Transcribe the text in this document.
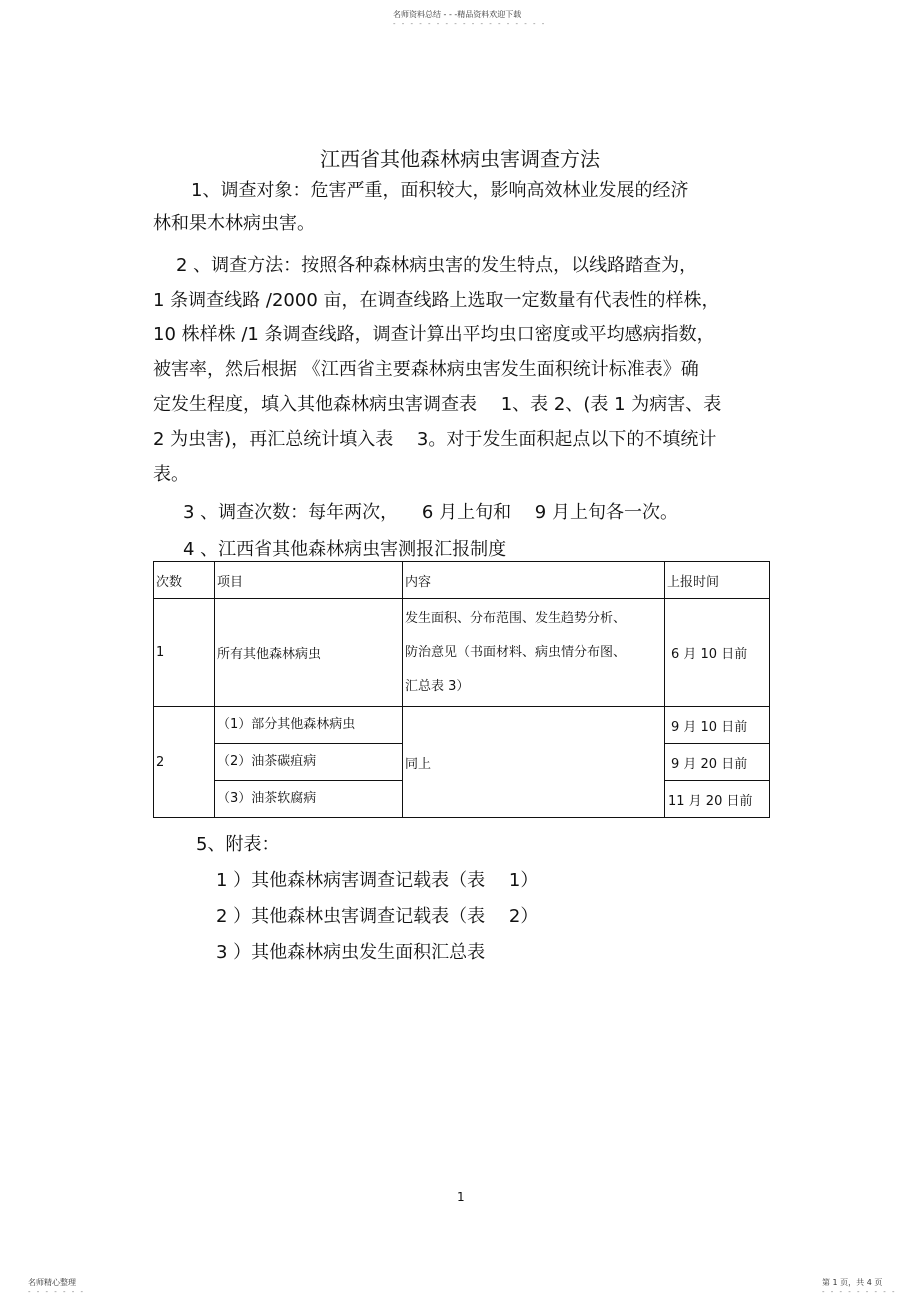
名师资料总结 - - -精品资料欢迎下载
- - - - - - - - - - - - - - - - - -
江西省其他森林病虫害调查方法
1、调查对象：危害严重，面积较大，影响高效林业发展的经济
林和果木林病虫害。
2 、调查方法：按照各种森林病虫害的发生特点，以线路踏查为，
1 条调查线路 /2000 亩，在调查线路上选取一定数量有代表性的样株，
10 株样株 /1 条调查线路，调查计算出平均虫口密度或平均感病指数，
被害率，然后根据 《江西省主要森林病虫害发生面积统计标准表》确
定发生程度，填入其他森林病虫害调查表 　1、表 2、(表 1 为病害、表
2 为虫害)，再汇总统计填入表 　3。对于发生面积起点以下的不填统计
表。
3 、调查次数：每年两次， 　6 月上旬和 　9 月上旬各一次。
4 、江西省其他森林病虫害测报汇报制度
次数	项目	内容	上报时间
1	所有其他森林病虫	发生面积、分布范围、发生趋势分析、
防治意见（书面材料、病虫情分布图、
汇总表 3）	6 月 10 日前
2	（1）部分其他森林病虫	同上	9 月 10 日前
	（2）油茶碳疽病		9 月 20 日前
	（3）油茶软腐病		11 月 20 日前
5、附表：
1 ）其他森林病害调查记载表（表 　1）
2 ）其他森林虫害调查记载表（表 　2）
3 ）其他森林病虫发生面积汇总表
1
名师精心整理
- - - - - - -
第 1 页，共 4 页
- - - - - - - - -
